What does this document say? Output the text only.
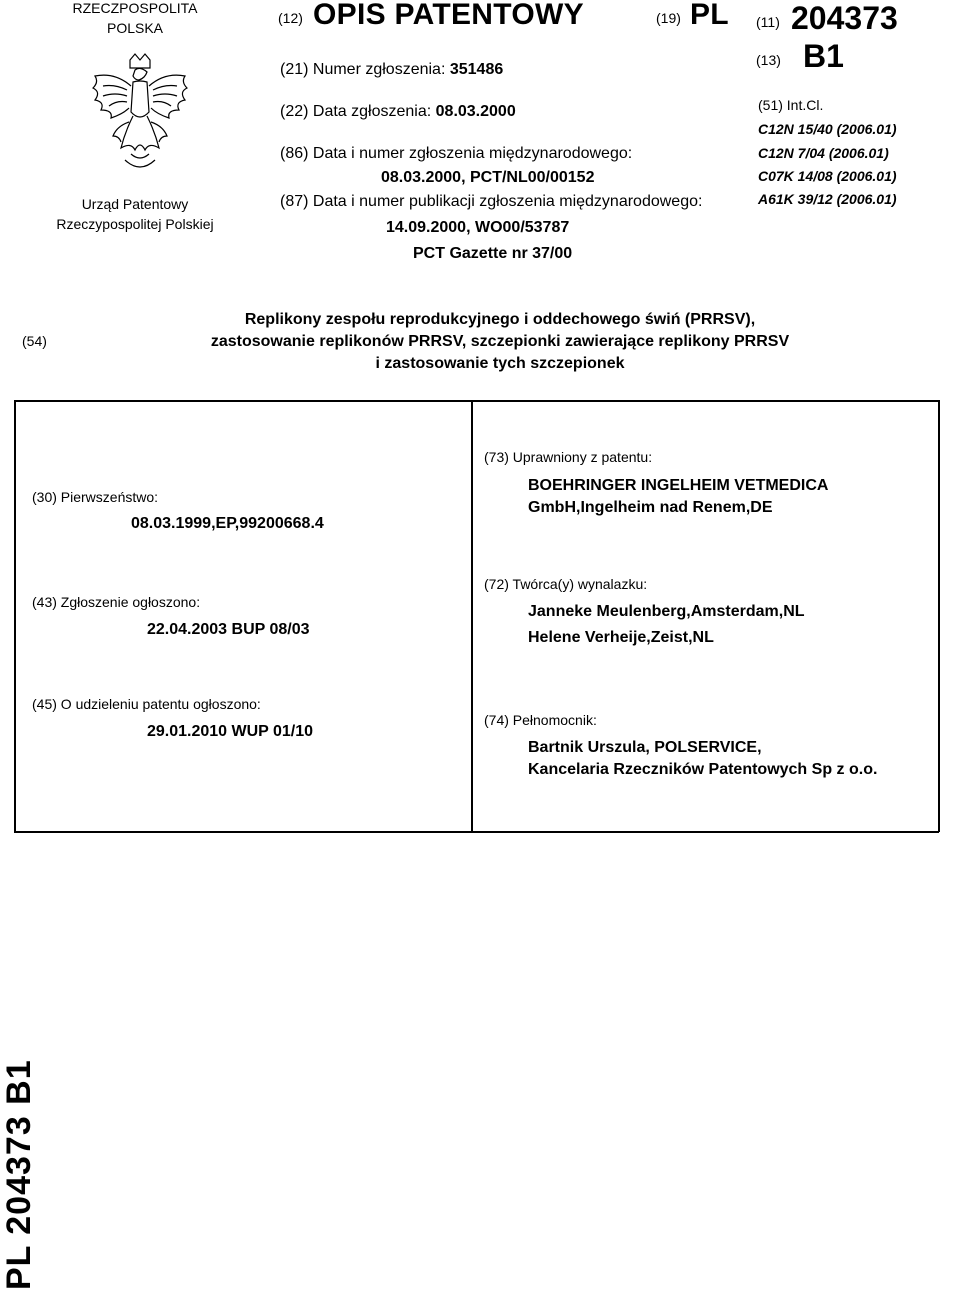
RZECZPOSPOLITA
POLSKA
Urząd Patentowy
Rzeczypospolitej Polskiej
(12) OPIS PATENTOWY	(19) PL (11) 204373
(13) B1
(21) Numer zgłoszenia: 351486
(22) Data zgłoszenia: 08.03.2000
(86) Data i numer zgłoszenia międzynarodowego:
08.03.2000, PCT/NL00/00152
(87) Data i numer publikacji zgłoszenia międzynarodowego:
14.09.2000, WO00/53787
PCT Gazette nr 37/00
(51) Int.Cl.
C12N 15/40 (2006.01)
C12N 7/04 (2006.01)
C07K 14/08 (2006.01)
A61K 39/12 (2006.01)
(54)
Replikony zespołu reprodukcyjnego i oddechowego świń (PRRSV),
zastosowanie replikonów PRRSV, szczepionki zawierające replikony PRRSV
i zastosowanie tych szczepionek
(30) Pierwszeństwo:
08.03.1999,EP,99200668.4
(43) Zgłoszenie ogłoszono:
22.04.2003 BUP 08/03
(45) O udzieleniu patentu ogłoszono:
29.01.2010 WUP 01/10
(73) Uprawniony z patentu:
BOEHRINGER INGELHEIM VETMEDICA
GmbH,Ingelheim nad Renem,DE
(72) Twórca(y) wynalazku:
Janneke Meulenberg,Amsterdam,NL
Helene Verheije,Zeist,NL
(74) Pełnomocnik:
Bartnik Urszula, POLSERVICE,
Kancelaria Rzeczników Patentowych Sp z o.o.
PL 204373 B1
